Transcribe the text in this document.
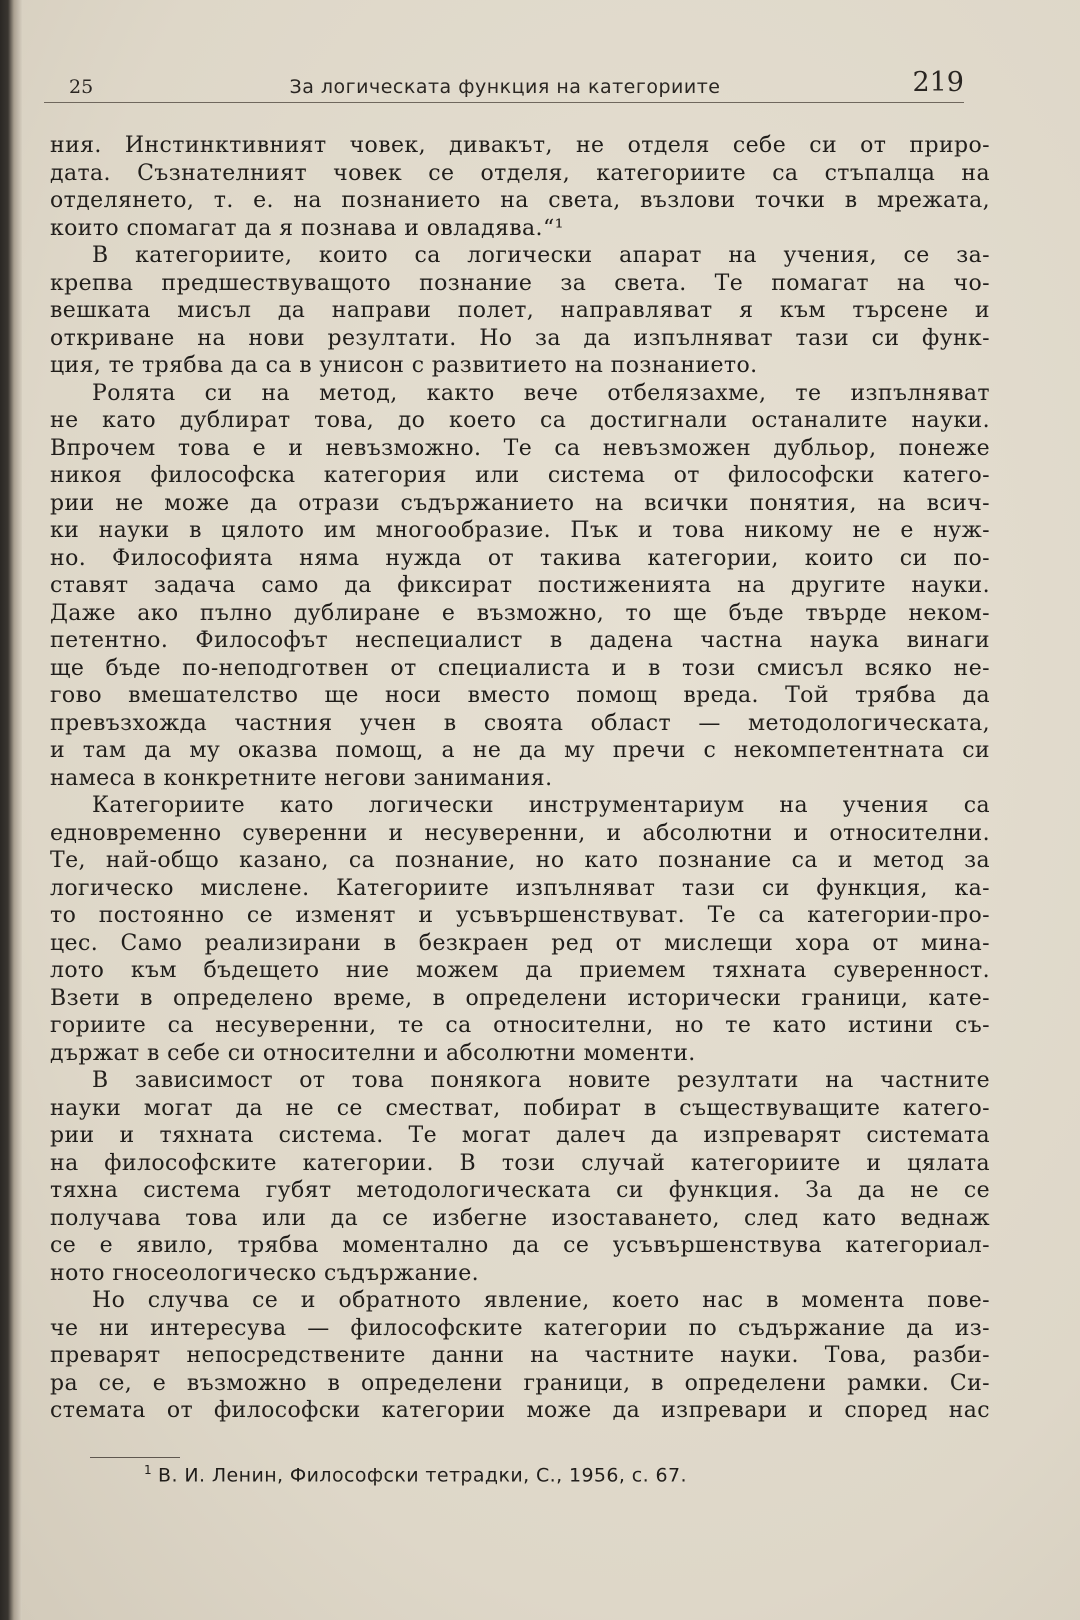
25	За логическата функция на категориите	219
ния. Инстинктивният човек, дивакът, не отделя себе си от приро-
дата. Съзнателният човек се отделя, категориите са стъпалца на
отделянето, т. е. на познанието на света, възлови точки в мрежата,
които спомагат да я познава и овладява.“¹
В категориите, които са логически апарат на учения, се за-
крепва предшествуващото познание за света. Те помагат на чо-
вешката мисъл да направи полет, направляват я към търсене и
откриване на нови резултати. Но за да изпълняват тази си функ-
ция, те трябва да са в унисон с развитието на познанието.
Ролята си на метод, както вече отбелязахме, те изпълняват
не като дублират това, до което са достигнали останалите науки.
Впрочем това е и невъзможно. Те са невъзможен дубльор, понеже
никоя философска категория или система от философски катего-
рии не може да отрази съдържанието на всички понятия, на всич-
ки науки в цялото им многообразие. Пък и това никому не е нуж-
но. Философията няма нужда от такива категории, които си по-
ставят задача само да фиксират постиженията на другите науки.
Даже ако пълно дублиране е възможно, то ще бъде твърде неком-
петентно. Философът неспециалист в дадена частна наука винаги
ще бъде по-неподготвен от специалиста и в този смисъл всяко не-
гово вмешателство ще носи вместо помощ вреда. Той трябва да
превъзхожда частния учен в своята област — методологическата,
и там да му оказва помощ, а не да му пречи с некомпетентната си
намеса в конкретните негови занимания.
Категориите като логически инструментариум на учения са
едновременно суверенни и несуверенни, и абсолютни и относителни.
Те, най-общо казано, са познание, но като познание са и метод за
логическо мислене. Категориите изпълняват тази си функция, ка-
то постоянно се изменят и усъвършенствуват. Те са категории-про-
цес. Само реализирани в безкраен ред от мислещи хора от мина-
лото към бъдещето ние можем да приемем тяхната суверенност.
Взети в определено време, в определени исторически граници, кате-
гориите са несуверенни, те са относителни, но те като истини съ-
държат в себе си относителни и абсолютни моменти.
В зависимост от това понякога новите резултати на частните
науки могат да не се сместват, побират в съществуващите катего-
рии и тяхната система. Те могат далеч да изпреварят системата
на философските категории. В този случай категориите и цялата
тяхна система губят методологическата си функция. За да не се
получава това или да се избегне изоставането, след като веднаж
се е явило, трябва моментално да се усъвършенствува категориал-
ното гносеологическо съдържание.
Но случва се и обратното явление, което нас в момента пове-
че ни интересува — философските категории по съдържание да из-
преварят непосредствените данни на частните науки. Това, разби-
ра се, е възможно в определени граници, в определени рамки. Си-
стемата от философски категории може да изпревари и според нас
$^1$ В. И. Ленин, Философски тетрадки, С., 1956, с. 67.
